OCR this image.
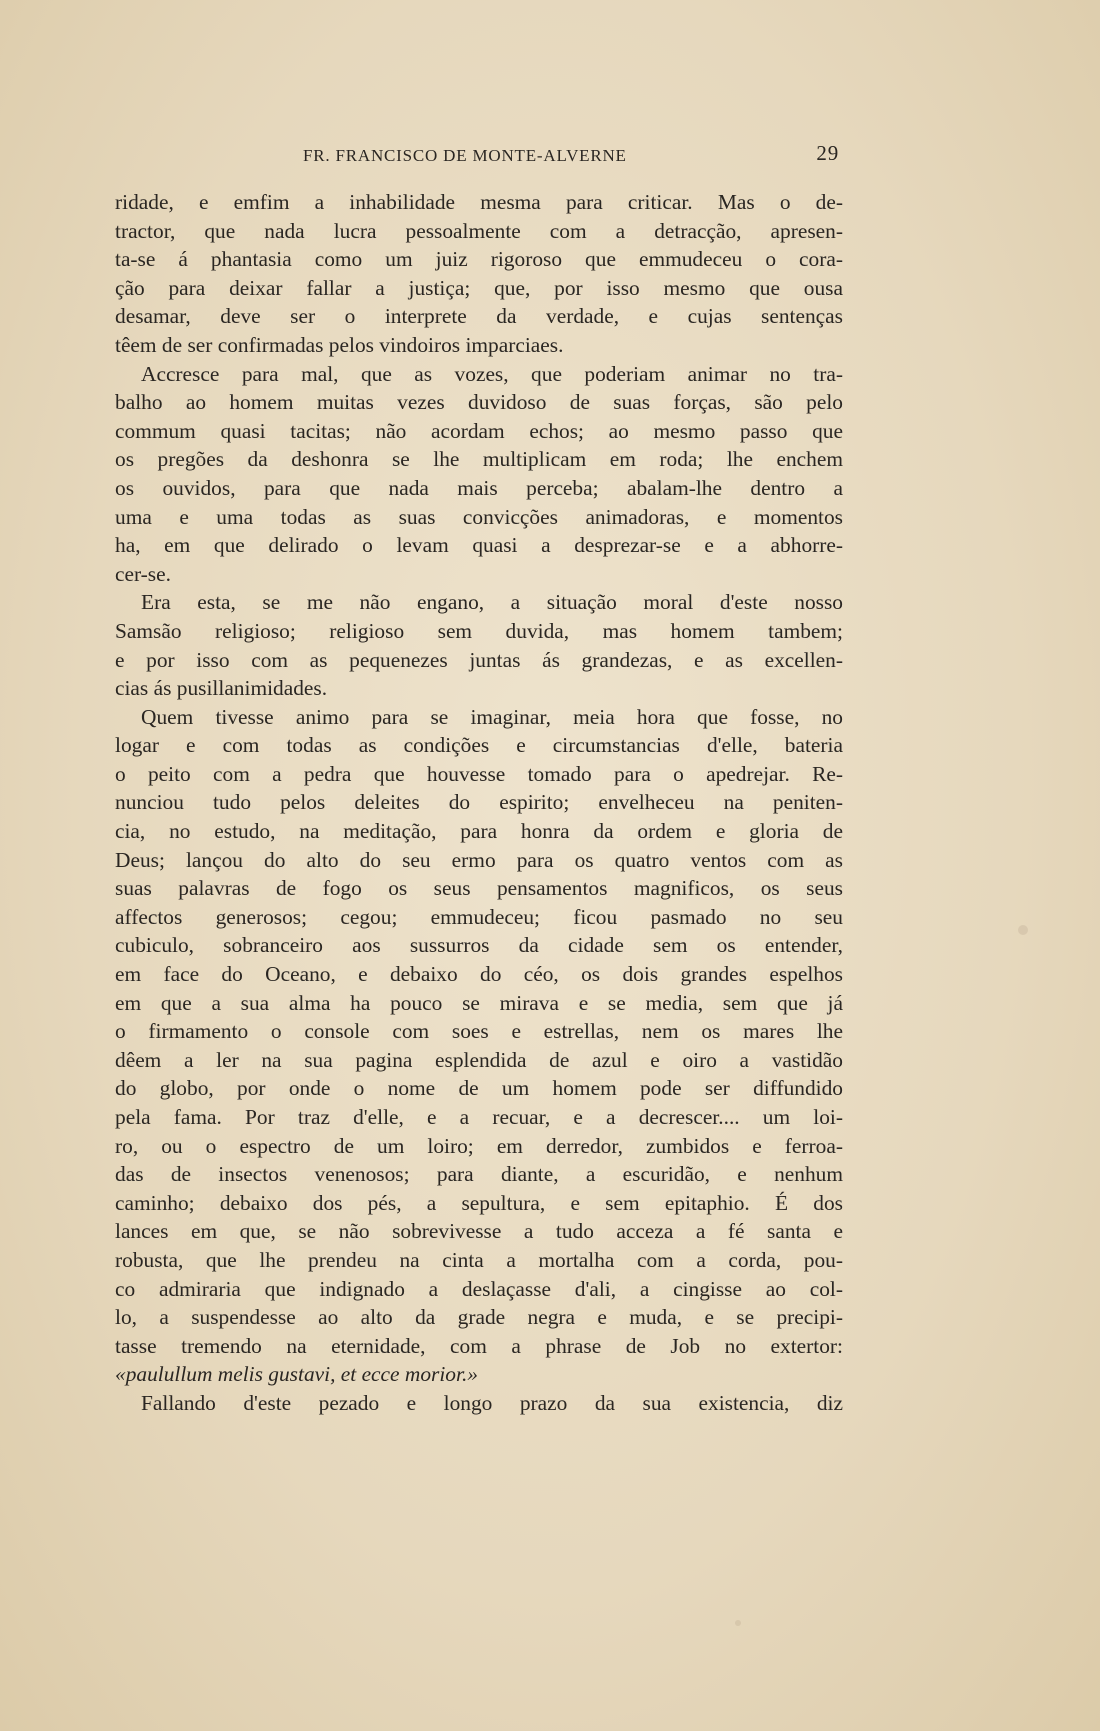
FR. FRANCISCO DE MONTE-ALVERNE	29
ridade, e emfim a inhabilidade mesma para criticar. Mas o de-
tractor, que nada lucra pessoalmente com a detracção, apresen-
ta-se á phantasia como um juiz rigoroso que emmudeceu o cora-
ção para deixar fallar a justiça; que, por isso mesmo que ousa
desamar, deve ser o interprete da verdade, e cujas sentenças
têem de ser confirmadas pelos vindoiros imparciaes.
Accresce para mal, que as vozes, que poderiam animar no tra-
balho ao homem muitas vezes duvidoso de suas forças, são pelo
commum quasi tacitas; não acordam echos; ao mesmo passo que
os pregões da deshonra se lhe multiplicam em roda; lhe enchem
os ouvidos, para que nada mais perceba; abalam-lhe dentro a
uma e uma todas as suas convicções animadoras, e momentos
ha, em que delirado o levam quasi a desprezar-se e a abhorre-
cer-se.
Era esta, se me não engano, a situação moral d'este nosso
Samsão religioso; religioso sem duvida, mas homem tambem;
e por isso com as pequenezes juntas ás grandezas, e as excellen-
cias ás pusillanimidades.
Quem tivesse animo para se imaginar, meia hora que fosse, no
logar e com todas as condições e circumstancias d'elle, bateria
o peito com a pedra que houvesse tomado para o apedrejar. Re-
nunciou tudo pelos deleites do espirito; envelheceu na peniten-
cia, no estudo, na meditação, para honra da ordem e gloria de
Deus; lançou do alto do seu ermo para os quatro ventos com as
suas palavras de fogo os seus pensamentos magnificos, os seus
affectos generosos; cegou; emmudeceu; ficou pasmado no seu
cubiculo, sobranceiro aos sussurros da cidade sem os entender,
em face do Oceano, e debaixo do céo, os dois grandes espelhos
em que a sua alma ha pouco se mirava e se media, sem que já
o firmamento o console com soes e estrellas, nem os mares lhe
dêem a ler na sua pagina esplendida de azul e oiro a vastidão
do globo, por onde o nome de um homem pode ser diffundido
pela fama. Por traz d'elle, e a recuar, e a decrescer.... um loi-
ro, ou o espectro de um loiro; em derredor, zumbidos e ferroa-
das de insectos venenosos; para diante, a escuridão, e nenhum
caminho; debaixo dos pés, a sepultura, e sem epitaphio. É dos
lances em que, se não sobrevivesse a tudo acceza a fé santa e
robusta, que lhe prendeu na cinta a mortalha com a corda, pou-
co admiraria que indignado a deslaçasse d'ali, a cingisse ao col-
lo, a suspendesse ao alto da grade negra e muda, e se precipi-
tasse tremendo na eternidade, com a phrase de Job no extertor:
«paulullum melis gustavi, et ecce morior.»
Fallando d'este pezado e longo prazo da sua existencia, diz
